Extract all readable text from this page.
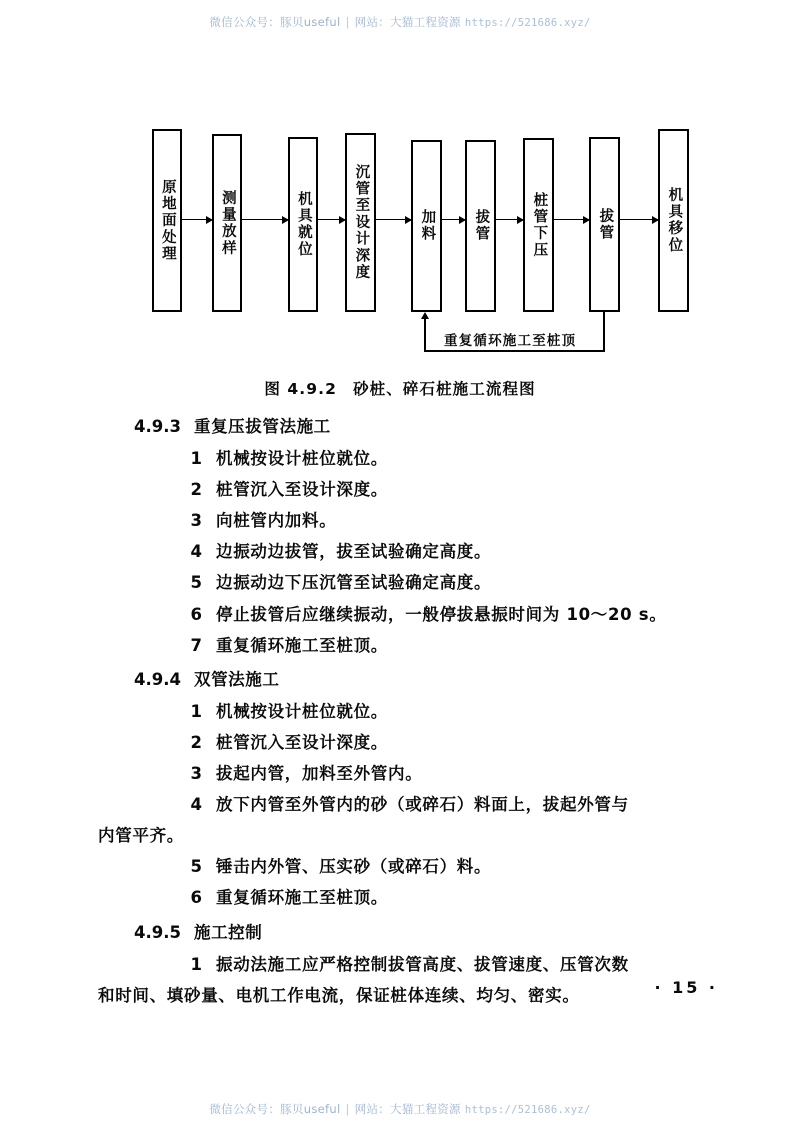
微信公众号：豚贝useful | 网站：大猫工程资源 https://521686.xyz/
原地面处理	测量放样	机具就位	沉管至设计深度	加料	拔管	桩管下压	拔管	机具移位
重复循环施工至桩顶
图 4.9.2 砂桩、碎石桩施工流程图

4.9.3 重复压拔管法施工

1 机械按设计桩位就位。

2 桩管沉入至设计深度。

3 向桩管内加料。

4 边振动边拔管，拔至试验确定高度。

5 边振动边下压沉管至试验确定高度。

6 停止拔管后应继续振动，一般停拔悬振时间为 10～20 s。

7 重复循环施工至桩顶。

4.9.4 双管法施工

1 机械按设计桩位就位。

2 桩管沉入至设计深度。

3 拔起内管，加料至外管内。

4 放下内管至外管内的砂（或碎石）料面上，拔起外管与

内管平齐。

5 锤击内外管、压实砂（或碎石）料。

6 重复循环施工至桩顶。

4.9.5 施工控制

1 振动法施工应严格控制拔管高度、拔管速度、压管次数

和时间、填砂量、电机工作电流，保证桩体连续、均匀、密实。	· 15 ·
微信公众号：豚贝useful | 网站：大猫工程资源 https://521686.xyz/
